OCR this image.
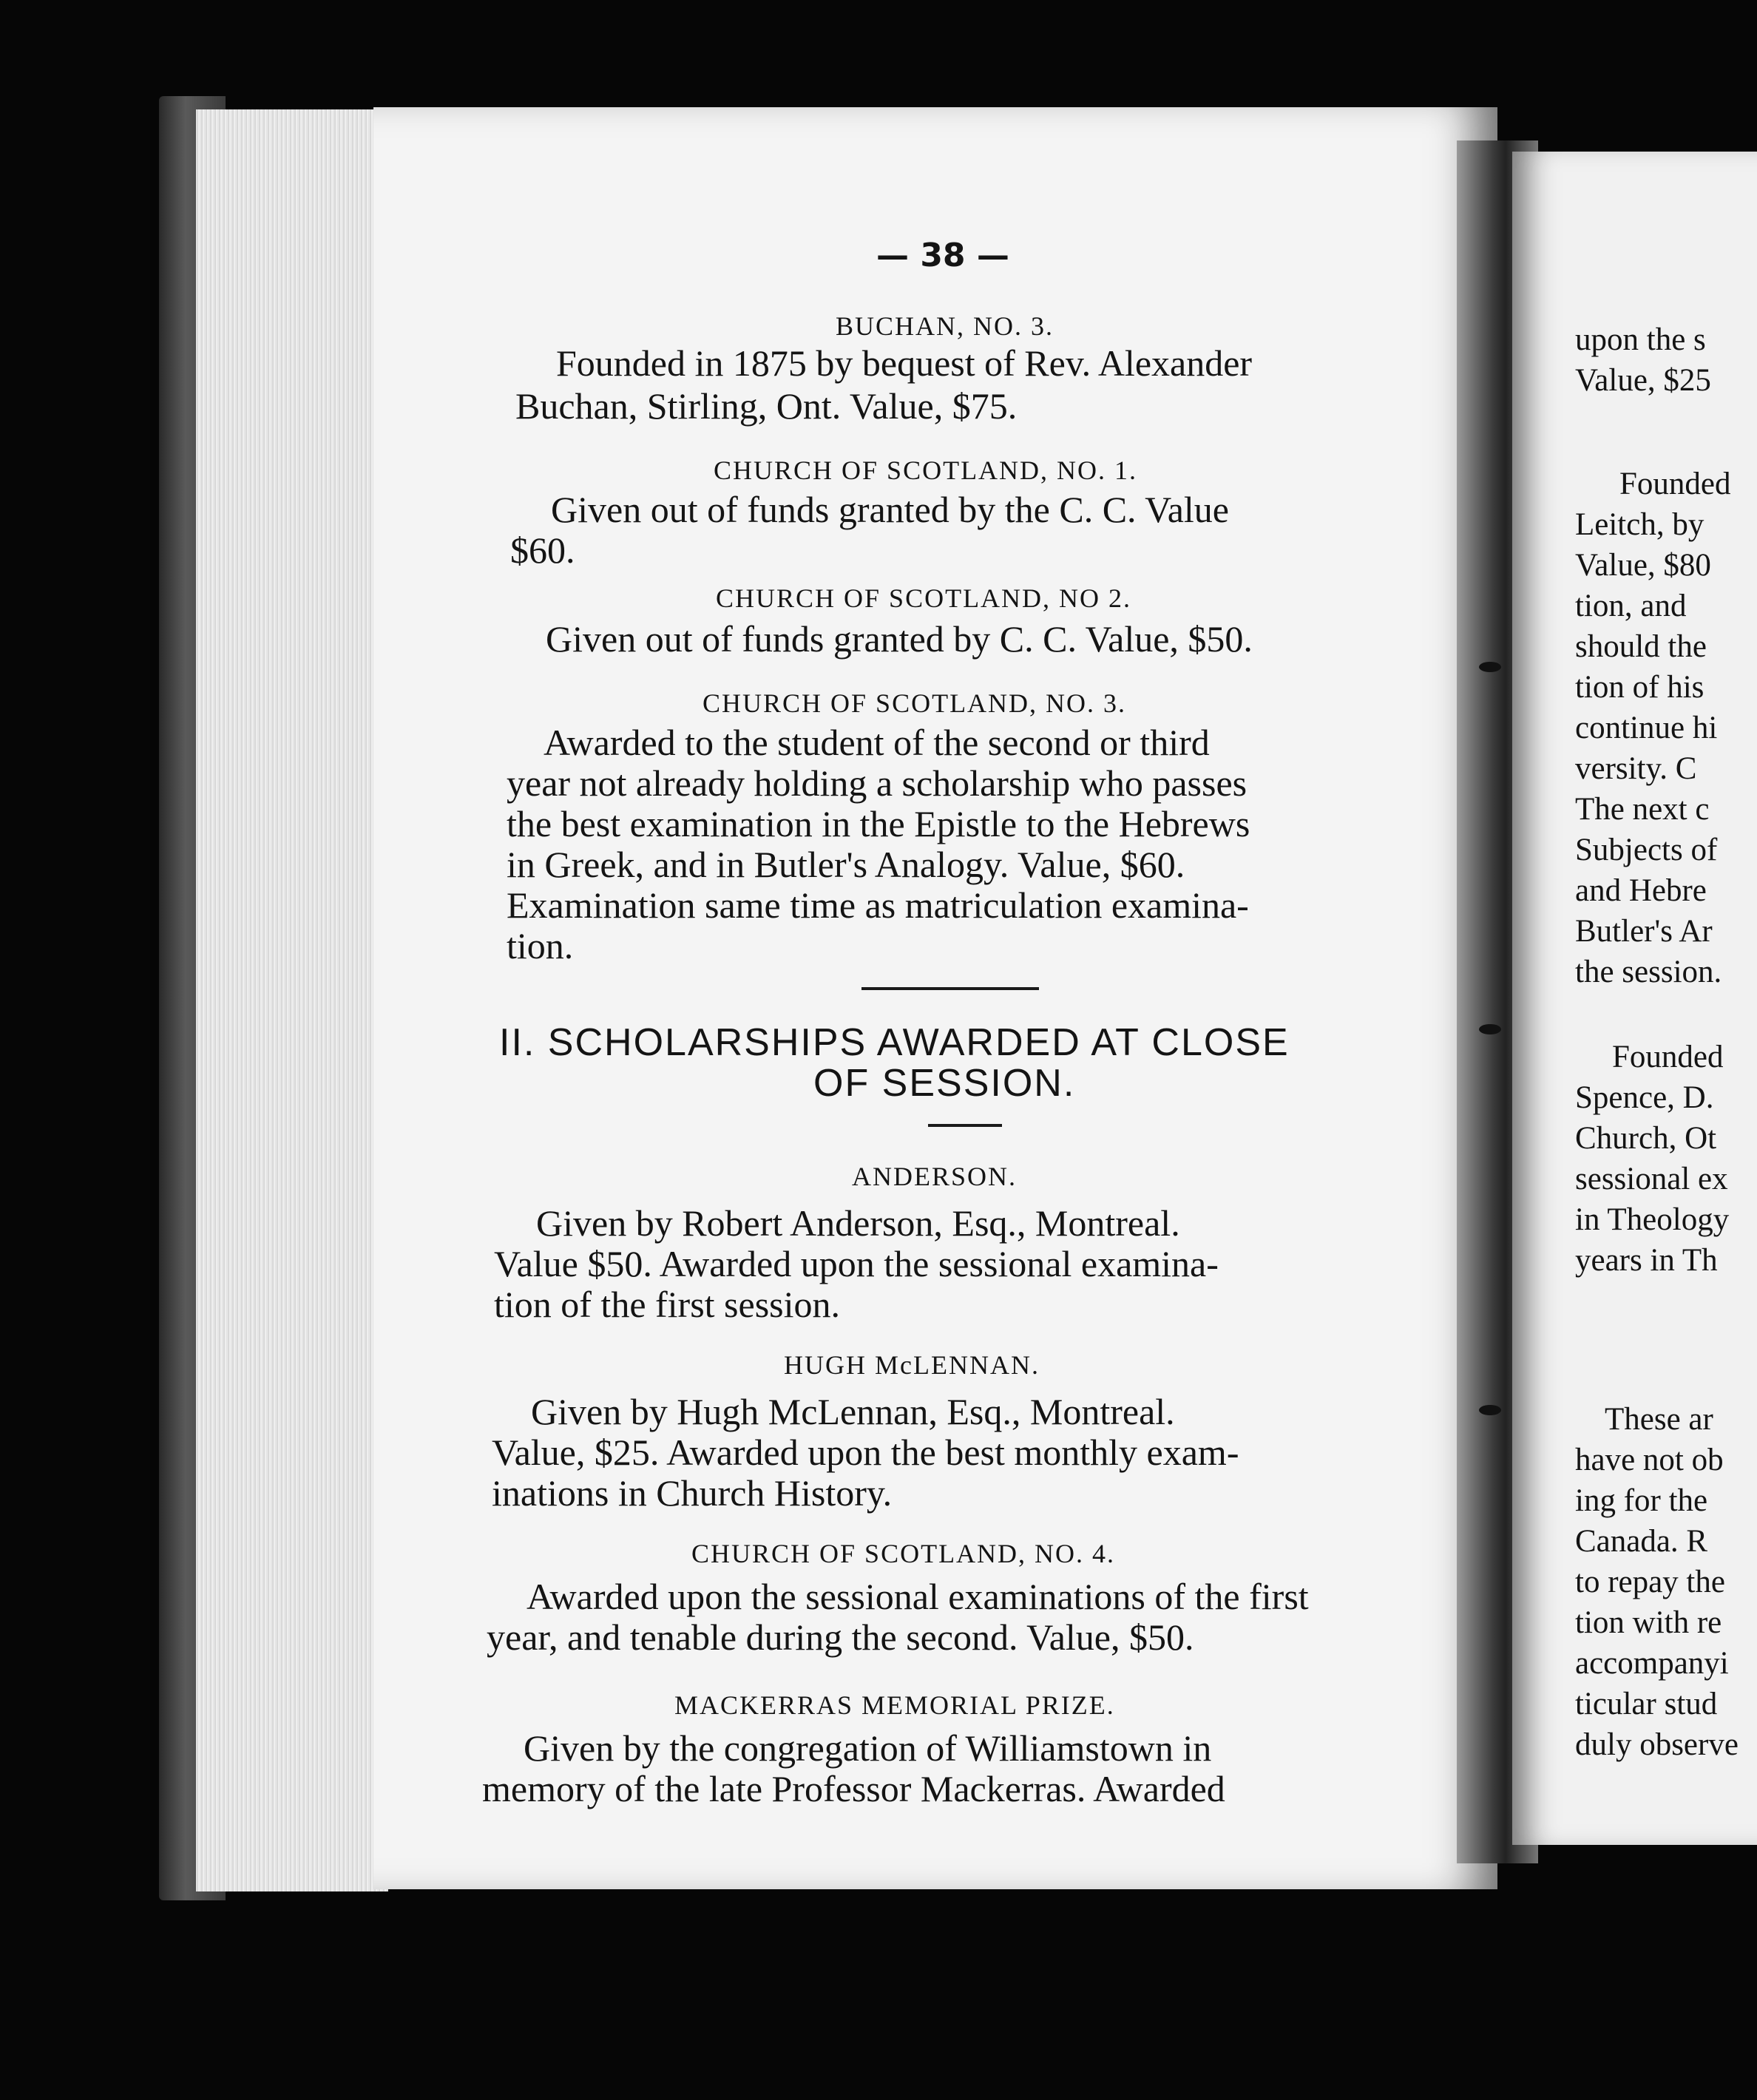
— 38 —
BUCHAN, NO. 3.
Founded in 1875 by bequest of Rev. Alexander
Buchan, Stirling, Ont. Value, $75.
CHURCH OF SCOTLAND, NO. 1.
Given out of funds granted by the C. C. Value
$60.
CHURCH OF SCOTLAND, NO 2.
Given out of funds granted by C. C. Value, $50.
CHURCH OF SCOTLAND, NO. 3.
Awarded to the student of the second or third
year not already holding a scholarship who passes
the best examination in the Epistle to the Hebrews
in Greek, and in Butler's Analogy. Value, $60.
Examination same time as matriculation examina-
tion.
II. SCHOLARSHIPS AWARDED AT CLOSE
OF SESSION.
ANDERSON.
Given by Robert Anderson, Esq., Montreal.
Value $50. Awarded upon the sessional examina-
tion of the first session.
HUGH McLENNAN.
Given by Hugh McLennan, Esq., Montreal.
Value, $25. Awarded upon the best monthly exam-
inations in Church History.
CHURCH OF SCOTLAND, NO. 4.
Awarded upon the sessional examinations of the first
year, and tenable during the second. Value, $50.
MACKERRAS MEMORIAL PRIZE.
Given by the congregation of Williamstown in
memory of the late Professor Mackerras. Awarded
upon the s
Value, $25
Founded
Leitch, by
Value, $80
tion, and
should the
tion of his
continue hi
versity. C
The next c
Subjects of
and Hebre
Butler's Ar
the session.
Founded
Spence, D.
Church, Ot
sessional ex
in Theology
years in Th
These ar
have not ob
ing for the
Canada. R
to repay the
tion with re
accompanyi
ticular stud
duly observe
